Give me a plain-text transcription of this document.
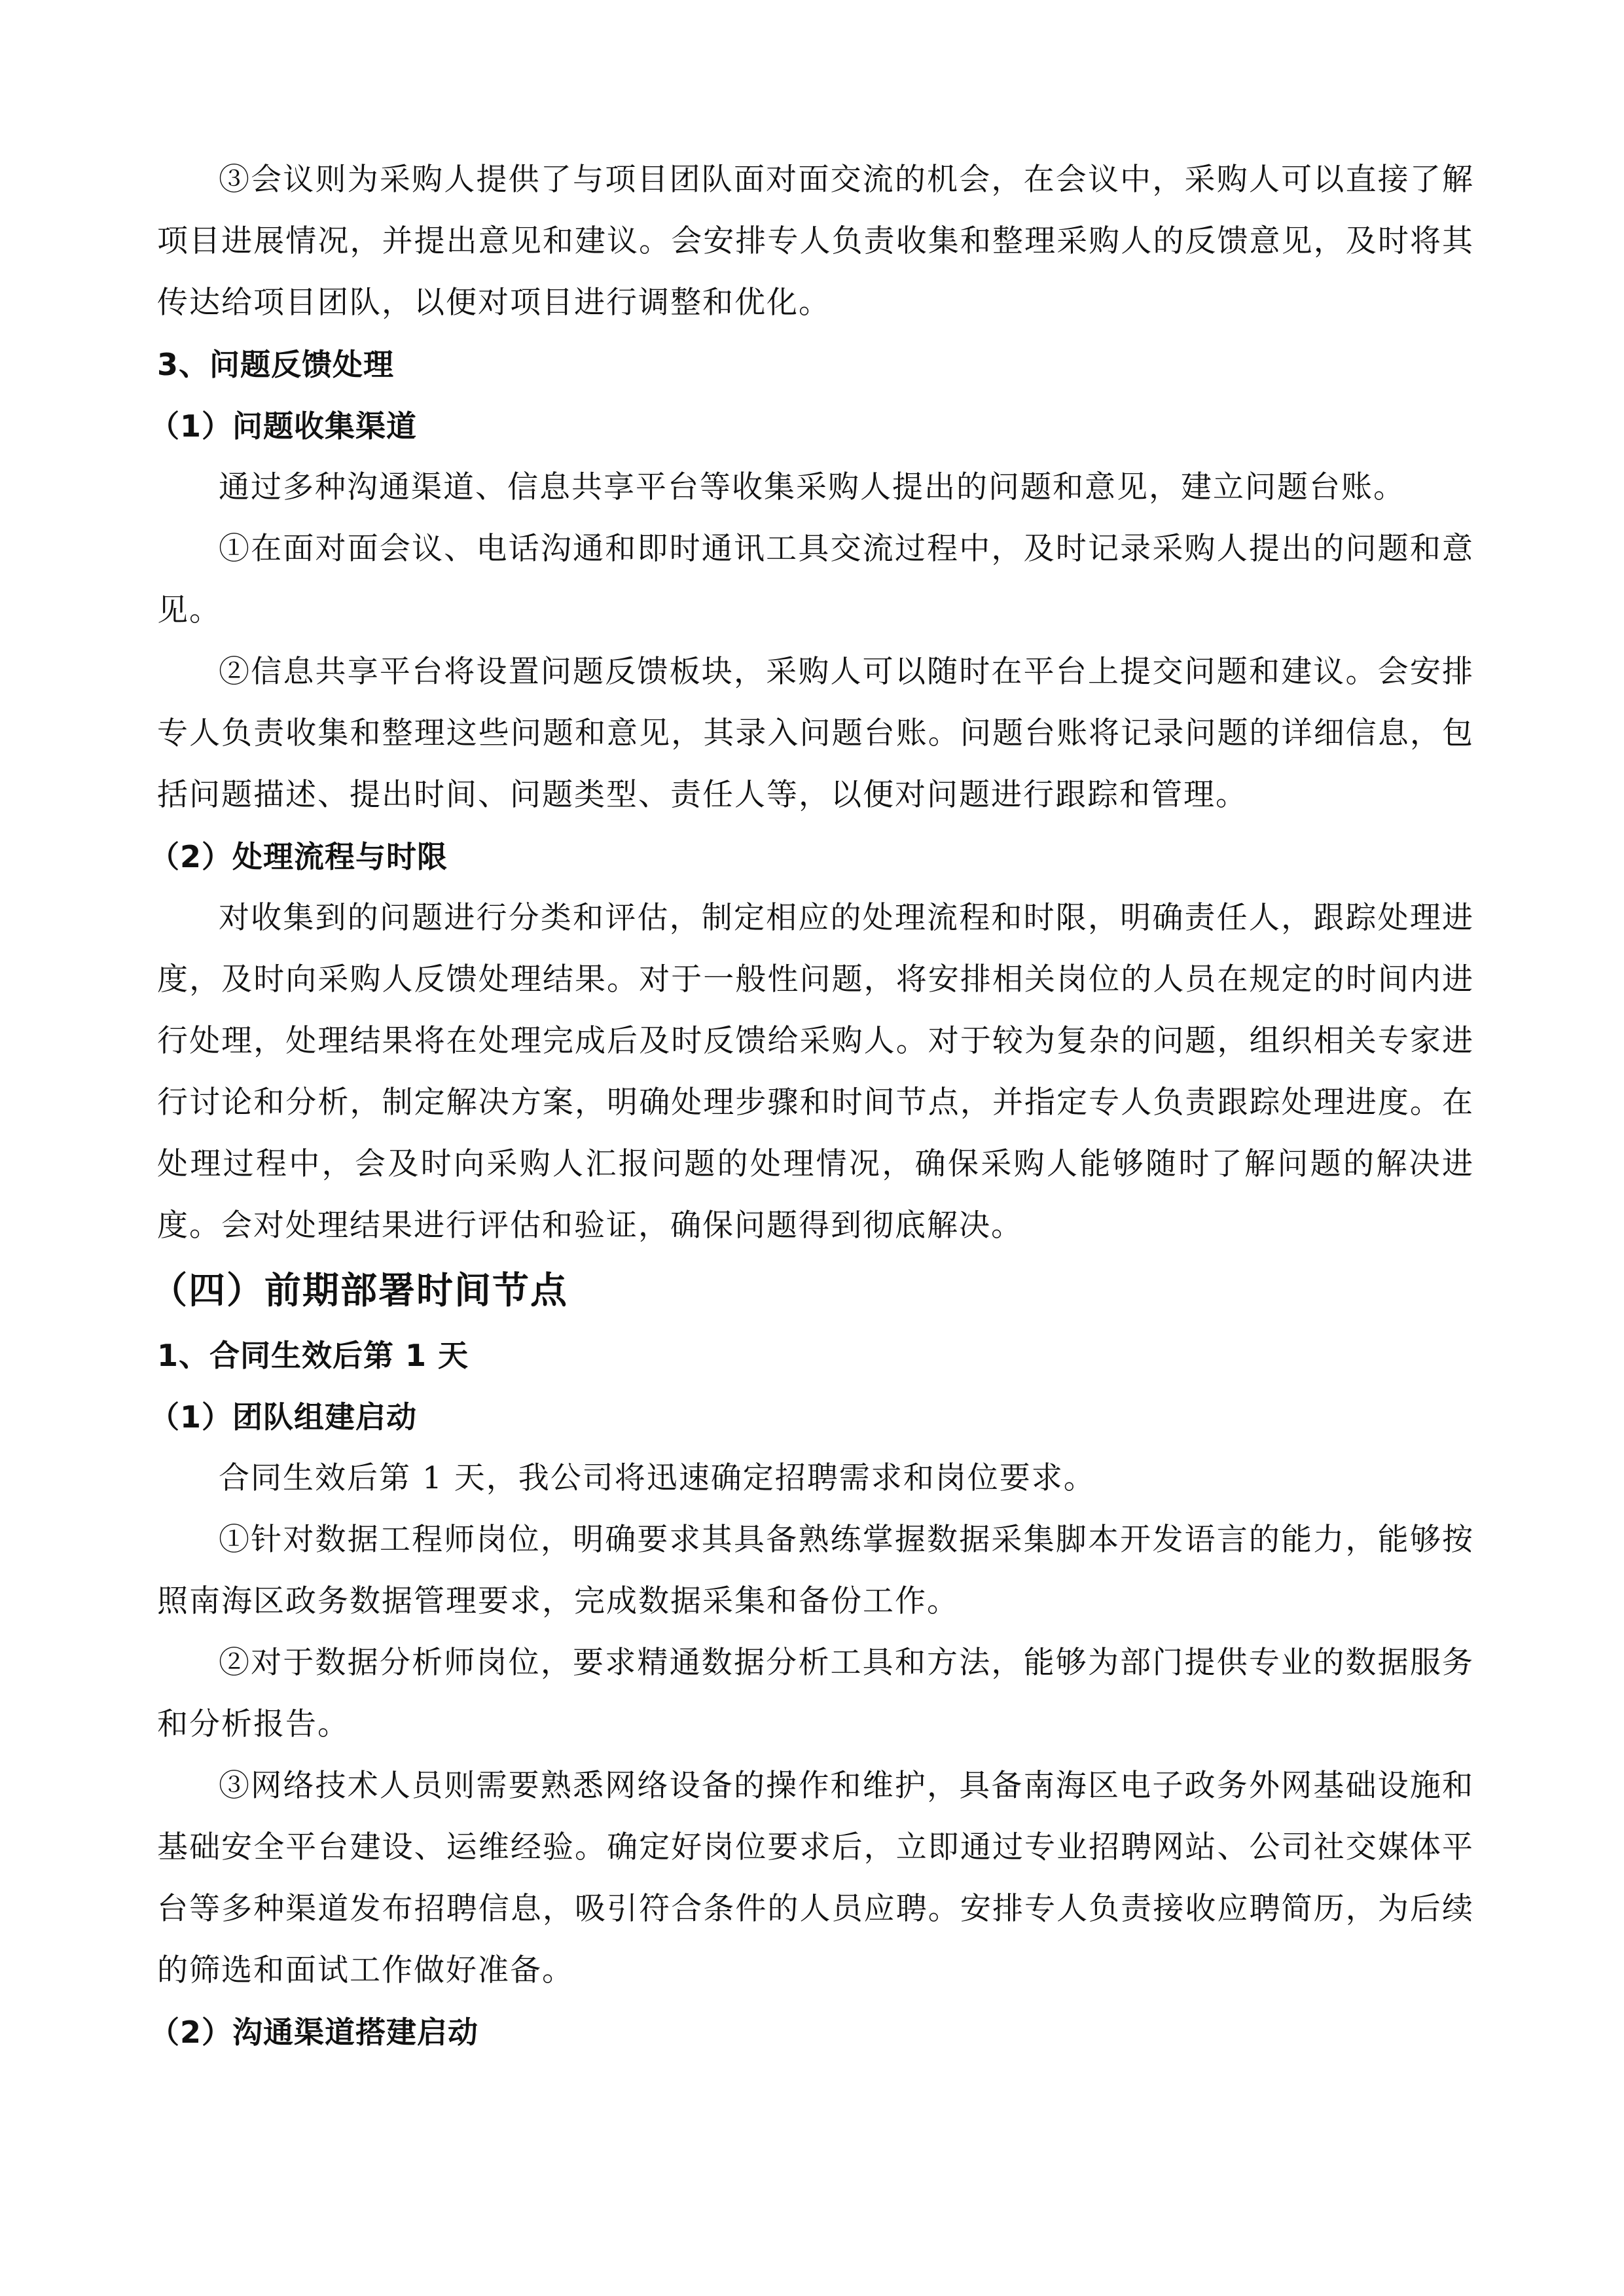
③会议则为采购人提供了与项目团队面对面交流的机会，在会议中，采购人可以直接了解项目进展情况，并提出意见和建议。会安排专人负责收集和整理采购人的反馈意见，及时将其传达给项目团队，以便对项目进行调整和优化。

3、问题反馈处理
（1）问题收集渠道

通过多种沟通渠道、信息共享平台等收集采购人提出的问题和意见，建立问题台账。

①在面对面会议、电话沟通和即时通讯工具交流过程中，及时记录采购人提出的问题和意见。

②信息共享平台将设置问题反馈板块，采购人可以随时在平台上提交问题和建议。会安排专人负责收集和整理这些问题和意见，其录入问题台账。问题台账将记录问题的详细信息，包括问题描述、提出时间、问题类型、责任人等，以便对问题进行跟踪和管理。

（2）处理流程与时限

对收集到的问题进行分类和评估，制定相应的处理流程和时限，明确责任人，跟踪处理进度，及时向采购人反馈处理结果。对于一般性问题，将安排相关岗位的人员在规定的时间内进行处理，处理结果将在处理完成后及时反馈给采购人。对于较为复杂的问题，组织相关专家进行讨论和分析，制定解决方案，明确处理步骤和时间节点，并指定专人负责跟踪处理进度。在处理过程中，会及时向采购人汇报问题的处理情况，确保采购人能够随时了解问题的解决进度。会对处理结果进行评估和验证，确保问题得到彻底解决。

（四）前期部署时间节点
1、合同生效后第 1 天
（1）团队组建启动

合同生效后第 1 天，我公司将迅速确定招聘需求和岗位要求。

①针对数据工程师岗位，明确要求其具备熟练掌握数据采集脚本开发语言的能力，能够按照南海区政务数据管理要求，完成数据采集和备份工作。

②对于数据分析师岗位，要求精通数据分析工具和方法，能够为部门提供专业的数据服务和分析报告。

③网络技术人员则需要熟悉网络设备的操作和维护，具备南海区电子政务外网基础设施和基础安全平台建设、运维经验。确定好岗位要求后，立即通过专业招聘网站、公司社交媒体平台等多种渠道发布招聘信息，吸引符合条件的人员应聘。安排专人负责接收应聘简历，为后续的筛选和面试工作做好准备。

（2）沟通渠道搭建启动
